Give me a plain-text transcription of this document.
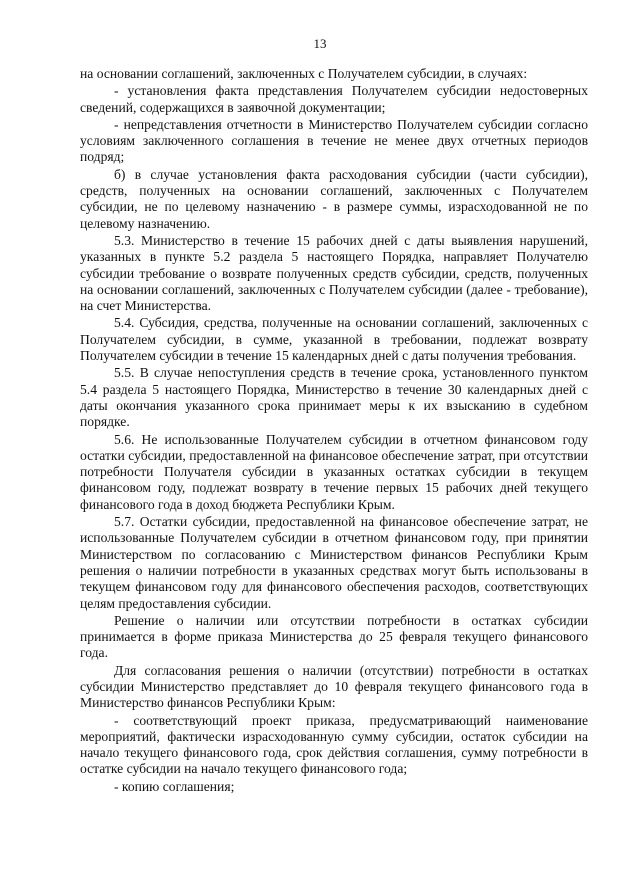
13

на основании соглашений, заключенных с Получателем субсидии, в случаях:

- установления факта представления Получателем субсидии недостоверных сведений, содержащихся в заявочной документации;

- непредставления отчетности в Министерство Получателем субсидии согласно условиям заключенного соглашения в течение не менее двух отчетных периодов подряд;

б) в случае установления факта расходования субсидии (части субсидии), средств, полученных на основании соглашений, заключенных с Получателем субсидии, не по целевому назначению - в размере суммы, израсходованной не по целевому назначению.

5.3. Министерство в течение 15 рабочих дней с даты выявления нарушений, указанных в пункте 5.2 раздела 5 настоящего Порядка, направляет Получателю субсидии требование о возврате полученных средств субсидии, средств, полученных на основании соглашений, заключенных с Получателем субсидии (далее - требование), на счет Министерства.

5.4. Субсидия, средства, полученные на основании соглашений, заключенных с Получателем субсидии, в сумме, указанной в требовании, подлежат возврату Получателем субсидии в течение 15 календарных дней с даты получения требования.

5.5. В случае непоступления средств в течение срока, установленного пунктом 5.4 раздела 5 настоящего Порядка, Министерство в течение 30 календарных дней с даты окончания указанного срока принимает меры к их взысканию в судебном порядке.

5.6. Не использованные Получателем субсидии в отчетном финансовом году остатки субсидии, предоставленной на финансовое обеспечение затрат, при отсутствии потребности Получателя субсидии в указанных остатках субсидии в текущем финансовом году, подлежат возврату в течение первых 15 рабочих дней текущего финансового года в доход бюджета Республики Крым.

5.7. Остатки субсидии, предоставленной на финансовое обеспечение затрат, не использованные Получателем субсидии в отчетном финансовом году, при принятии Министерством по согласованию с Министерством финансов Республики Крым решения о наличии потребности в указанных средствах могут быть использованы в текущем финансовом году для финансового обеспечения расходов, соответствующих целям предоставления субсидии.

Решение о наличии или отсутствии потребности в остатках субсидии принимается в форме приказа Министерства до 25 февраля текущего финансового года.

Для согласования решения о наличии (отсутствии) потребности в остатках субсидии Министерство представляет до 10 февраля текущего финансового года в Министерство финансов Республики Крым:

- соответствующий проект приказа, предусматривающий наименование мероприятий, фактически израсходованную сумму субсидии, остаток субсидии на начало текущего финансового года, срок действия соглашения, сумму потребности в остатке субсидии на начало текущего финансового года;

- копию соглашения;
